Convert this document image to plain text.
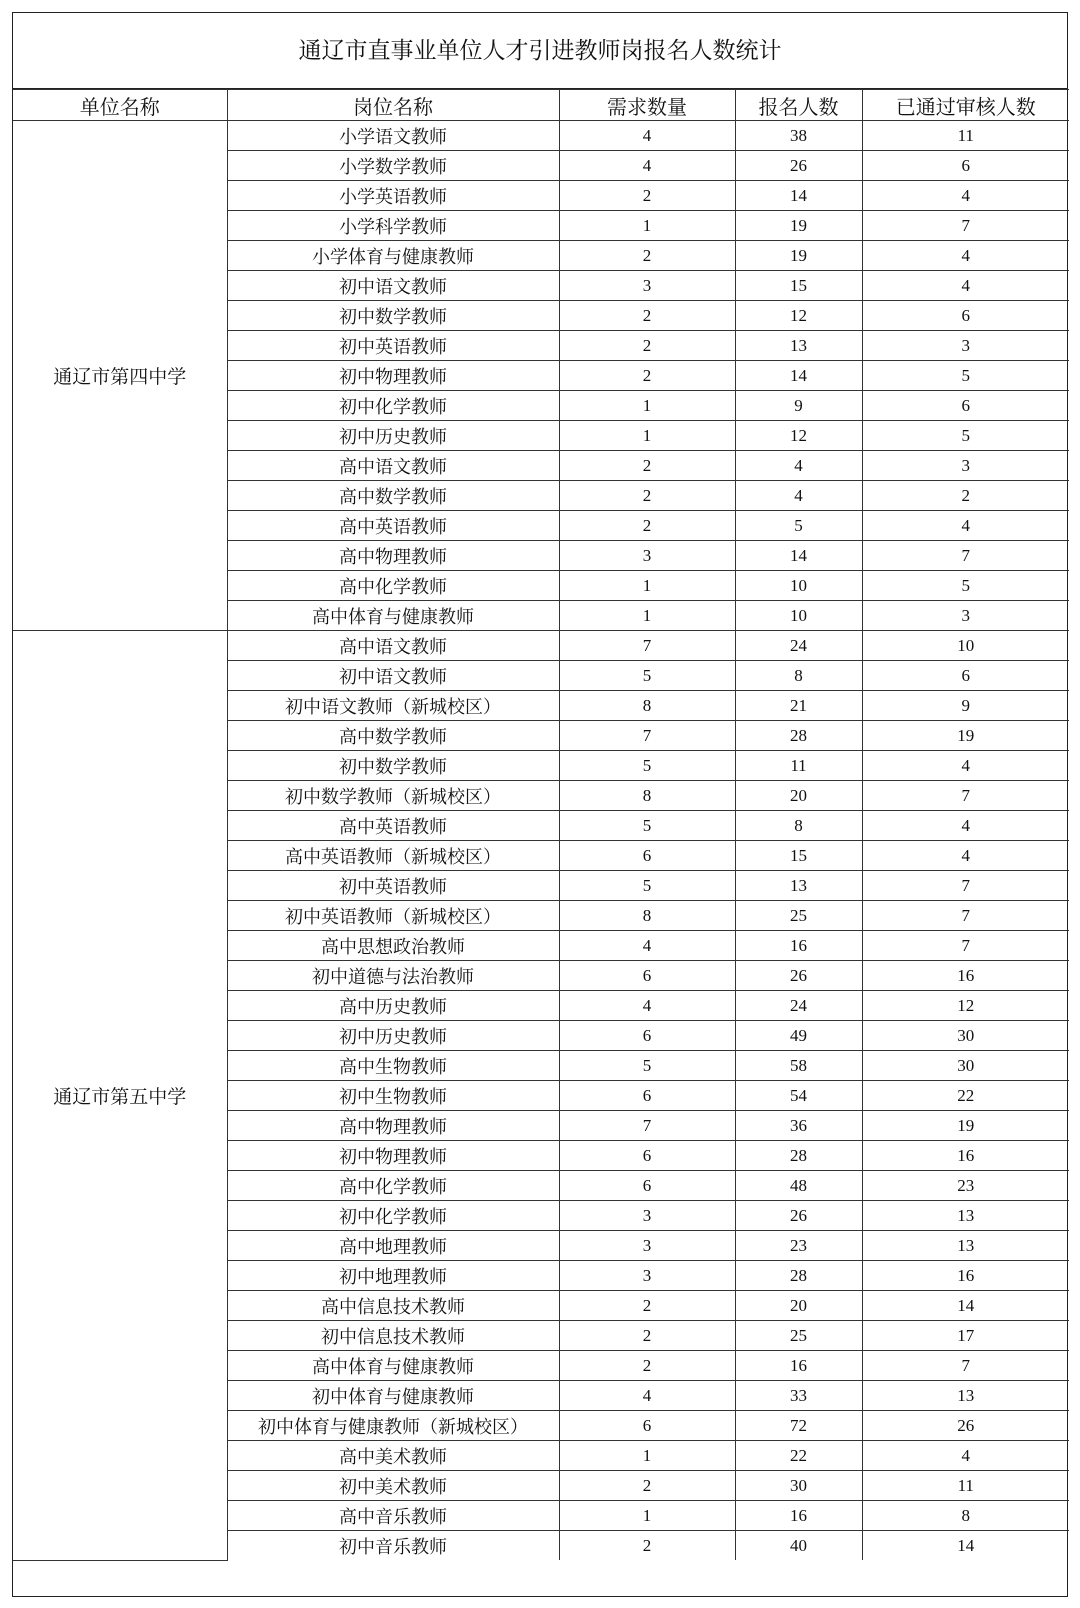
通辽市直事业单位人才引进教师岗报名人数统计
单位名称	岗位名称	需求数量	报名人数	已通过审核人数
通辽市第四中学	小学语文教师	4	38	11
	小学数学教师	4	26	6
	小学英语教师	2	14	4
	小学科学教师	1	19	7
	小学体育与健康教师	2	19	4
	初中语文教师	3	15	4
	初中数学教师	2	12	6
	初中英语教师	2	13	3
	初中物理教师	2	14	5
	初中化学教师	1	9	6
	初中历史教师	1	12	5
	高中语文教师	2	4	3
	高中数学教师	2	4	2
	高中英语教师	2	5	4
	高中物理教师	3	14	7
	高中化学教师	1	10	5
	高中体育与健康教师	1	10	3
通辽市第五中学	高中语文教师	7	24	10
	初中语文教师	5	8	6
	初中语文教师（新城校区）	8	21	9
	高中数学教师	7	28	19
	初中数学教师	5	11	4
	初中数学教师（新城校区）	8	20	7
	高中英语教师	5	8	4
	高中英语教师（新城校区）	6	15	4
	初中英语教师	5	13	7
	初中英语教师（新城校区）	8	25	7
	高中思想政治教师	4	16	7
	初中道德与法治教师	6	26	16
	高中历史教师	4	24	12
	初中历史教师	6	49	30
	高中生物教师	5	58	30
	初中生物教师	6	54	22
	高中物理教师	7	36	19
	初中物理教师	6	28	16
	高中化学教师	6	48	23
	初中化学教师	3	26	13
	高中地理教师	3	23	13
	初中地理教师	3	28	16
	高中信息技术教师	2	20	14
	初中信息技术教师	2	25	17
	高中体育与健康教师	2	16	7
	初中体育与健康教师	4	33	13
	初中体育与健康教师（新城校区）	6	72	26
	高中美术教师	1	22	4
	初中美术教师	2	30	11
	高中音乐教师	1	16	8
	初中音乐教师	2	40	14
